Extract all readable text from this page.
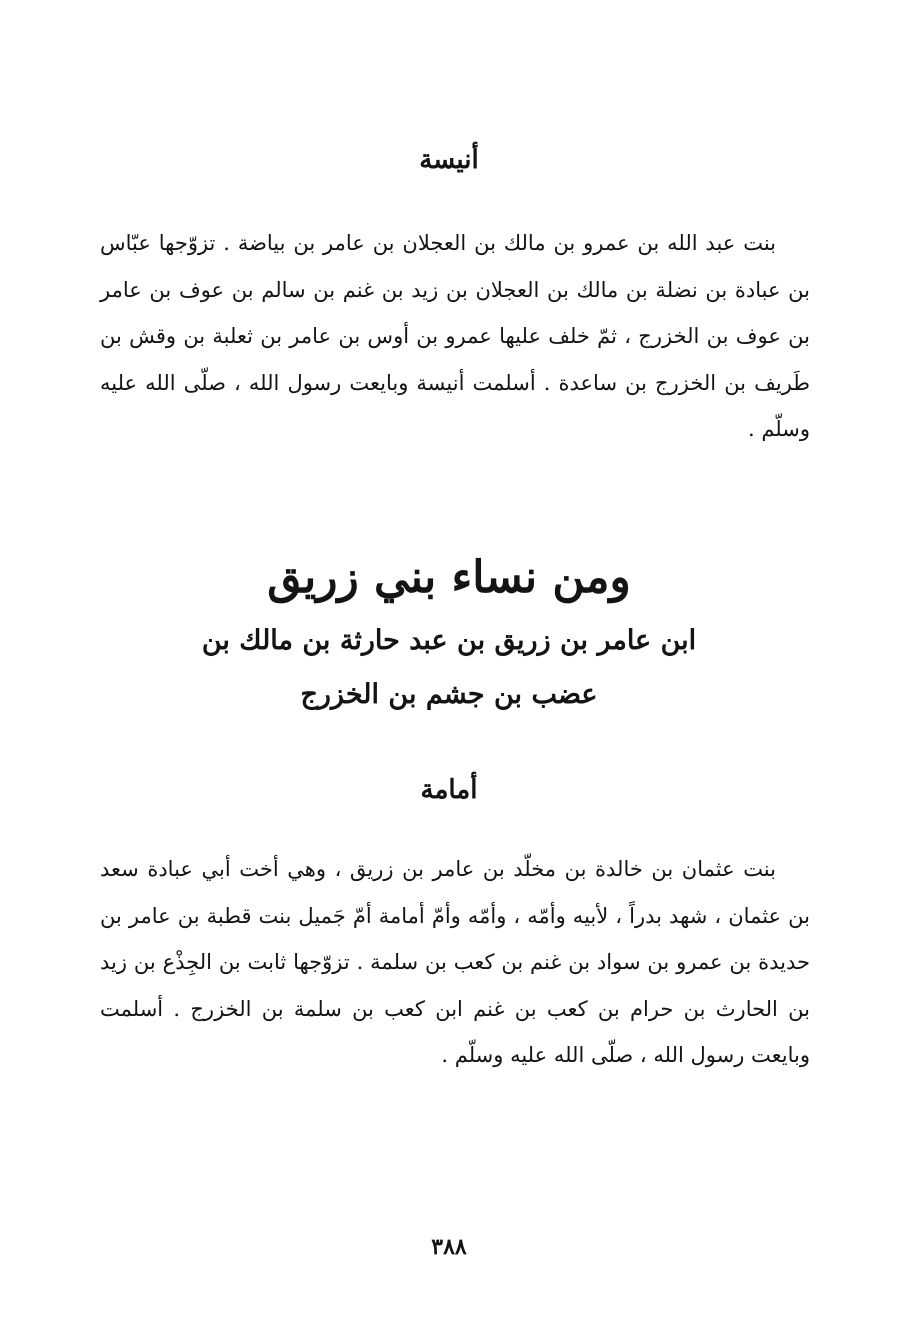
أنيسة

بنت عبد الله بن عمرو بن مالك بن العجلان بن عامر بن بياضة . تزوّجها عبّاس بن عبادة بن نضلة بن مالك بن العجلان بن زيد بن غنم بن سالم بن عوف بن عامر بن عوف بن الخزرج ، ثمّ خلف عليها عمرو بن أوس بن عامر بن ثعلبة بن وقش بن طَريف بن الخزرج بن ساعدة . أسلمت أنيسة وبايعت رسول الله ، صلّى الله عليه وسلّم .

ومن نساء بني زريق

ابن عامر بن زريق بن عبد حارثة بن مالك بن

عضب بن جشم بن الخزرج

أمامة

بنت عثمان بن خالدة بن مخلّد بن عامر بن زريق ، وهي أخت أبي عبادة سعد بن عثمان ، شهد بدراً ، لأبيه وأمّه ، وأمّه وأمّ أمامة أمّ جَميل بنت قطبة بن عامر بن حديدة بن عمرو بن سواد بن غنم بن كعب بن سلمة . تزوّجها ثابت بن الجِذْع بن زيد بن الحارث بن حرام بن كعب بن غنم ابن كعب بن سلمة بن الخزرج . أسلمت وبايعت رسول الله ، صلّى الله عليه وسلّم .

٣٨٨
